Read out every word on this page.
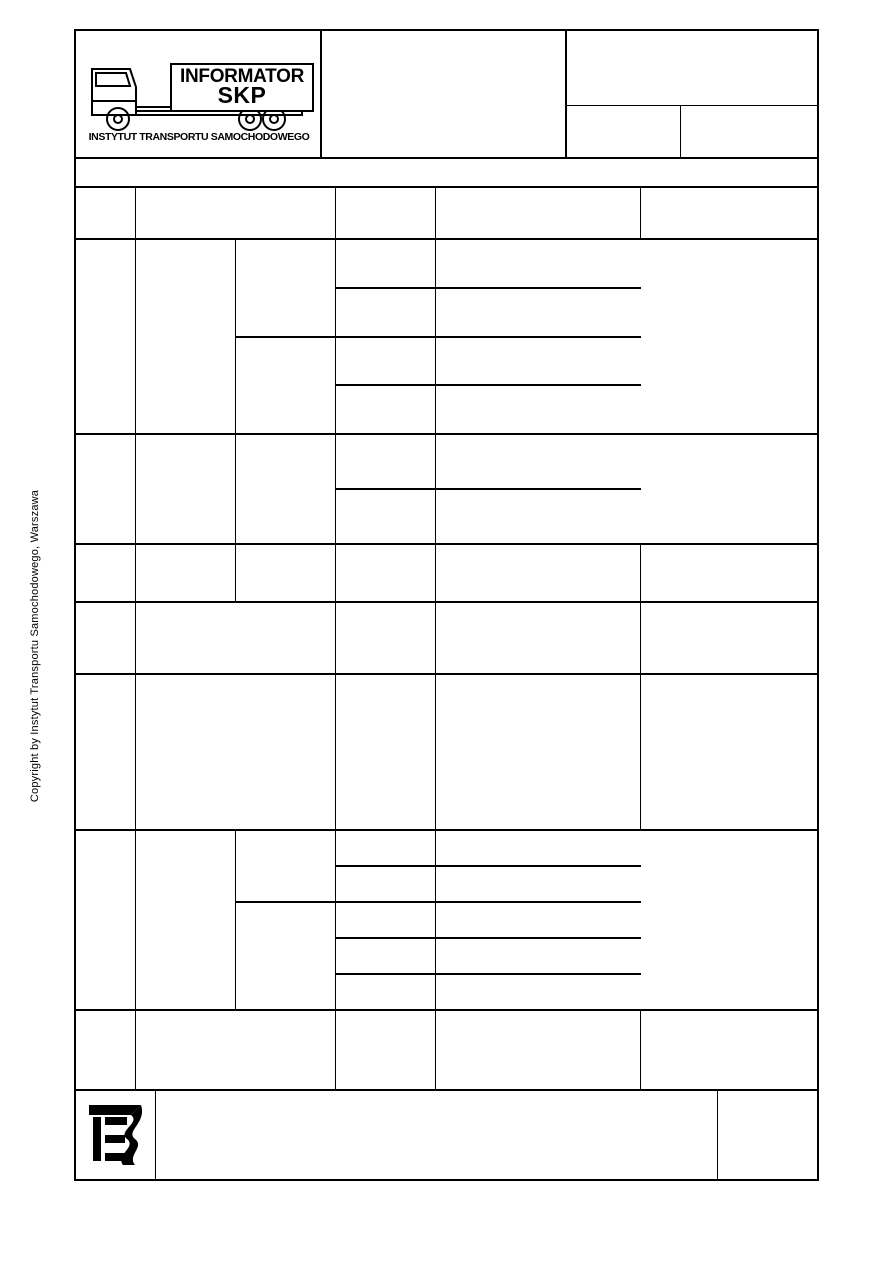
Copyright by Instytut Transportu Samochodowego, Warszawa
INFORMATOR
SKP
INSTYTUT TRANSPORTU SAMOCHODOWEGO
